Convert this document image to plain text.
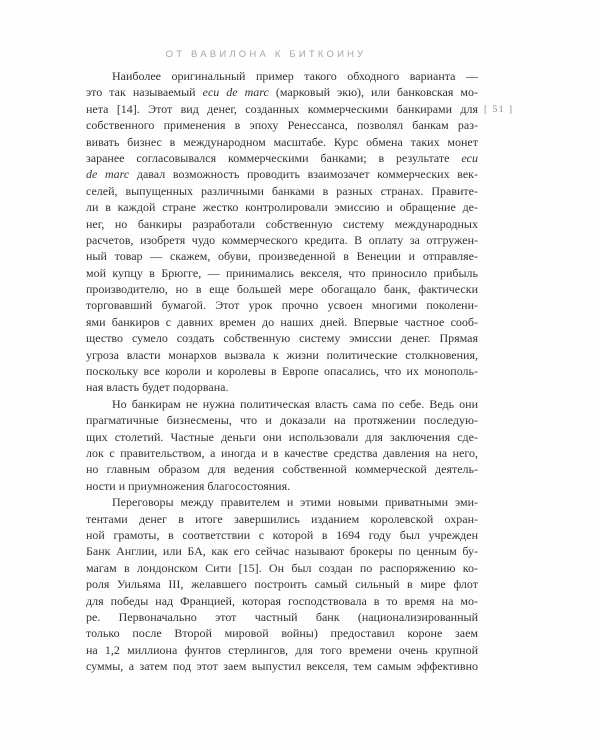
ОТ ВАВИЛОНА К БИТКОИНУ
[ 51 ]
Наиболее оригинальный пример такого обходного варианта —
это так называемый ecu de marc (марковый экю), или банковская мо-
нета [14]. Этот вид денег, созданных коммерческими банкирами для
собственного применения в эпоху Ренессанса, позволял банкам раз-
вивать бизнес в международном масштабе. Курс обмена таких монет
заранее согласовывался коммерческими банками; в результате ecu
de marc давал возможность проводить взаимозачет коммерческих век-
селей, выпущенных различными банками в разных странах. Правите-
ли в каждой стране жестко контролировали эмиссию и обращение де-
нег, но банкиры разработали собственную систему международных
расчетов, изобретя чудо коммерческого кредита. В оплату за отгружен-
ный товар — скажем, обуви, произведенной в Венеции и отправляе-
мой купцу в Брюгге, — принимались векселя, что приносило прибыль
производителю, но в еще большей мере обогащало банк, фактически
торговавший бумагой. Этот урок прочно усвоен многими поколени-
ями банкиров с давних времен до наших дней. Впервые частное сооб-
щество сумело создать собственную систему эмиссии денег. Прямая
угроза власти монархов вызвала к жизни политические столкновения,
поскольку все короли и королевы в Европе опасались, что их монополь-
ная власть будет подорвана.
Но банкирам не нужна политическая власть сама по себе. Ведь они
прагматичные бизнесмены, что и доказали на протяжении последую-
щих столетий. Частные деньги они использовали для заключения сде-
лок с правительством, а иногда и в качестве средства давления на него,
но главным образом для ведения собственной коммерческой деятель-
ности и приумножения благосостояния.
Переговоры между правителем и этими новыми приватными эми-
тентами денег в итоге завершились изданием королевской охран-
ной грамоты, в соответствии с которой в 1694 году был учрежден
Банк Англии, или БА, как его сейчас называют брокеры по ценным бу-
магам в лондонском Сити [15]. Он был создан по распоряжению ко-
роля Уильяма III, желавшего построить самый сильный в мире флот
для победы над Францией, которая господствовала в то время на мо-
ре. Первоначально этот частный банк (национализированный
только после Второй мировой войны) предоставил короне заем
на 1,2 миллиона фунтов стерлингов, для того времени очень крупной
суммы, а затем под этот заем выпустил векселя, тем самым эффективно
